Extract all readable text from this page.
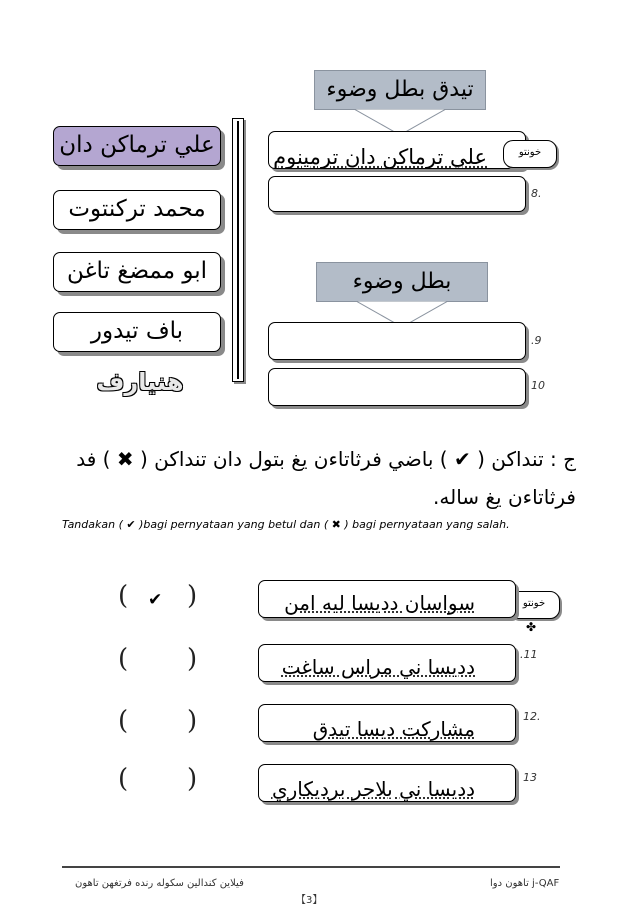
تيدق بطل وضوء
بطل وضوء
علي ترماكن دان ترمينوم	خونتو
8.
.9
10
علي ترماكن دان
محمد تركنتوت
ابو ممضغ تاغن
باف تيدور
هنيارف
ج : تنداكن ( ✔ ) باضي فرثاتاءن يغ بتول دان تنداكن ( ✖ ) فد
فرثاتاءن يغ ساله.
Tandakan ( ✔ )bagi pernyataan yang betul dan ( ✖ ) bagi pernyataan yang salah.
خونتو
✤
سواسان دديسا ليه امن
( ✔ )
دديسا ني مراس ساغت
.11
( )
مشاركت ديسا تيدق
12.
( )
دديسا ني بلاجر برديكاري	13
( )
ﻓﻴﻼﻳﻦ ﻛﻨﺪاﻟﻴﻦ ﺳﻜﻮﻟﻪ رﻧﺪه ﻓﺮﺗﻐﻬﻦ ﺗﺎﻫﻮن	ﺗﺎﻫﻮن دوا j-QAF
【3】
